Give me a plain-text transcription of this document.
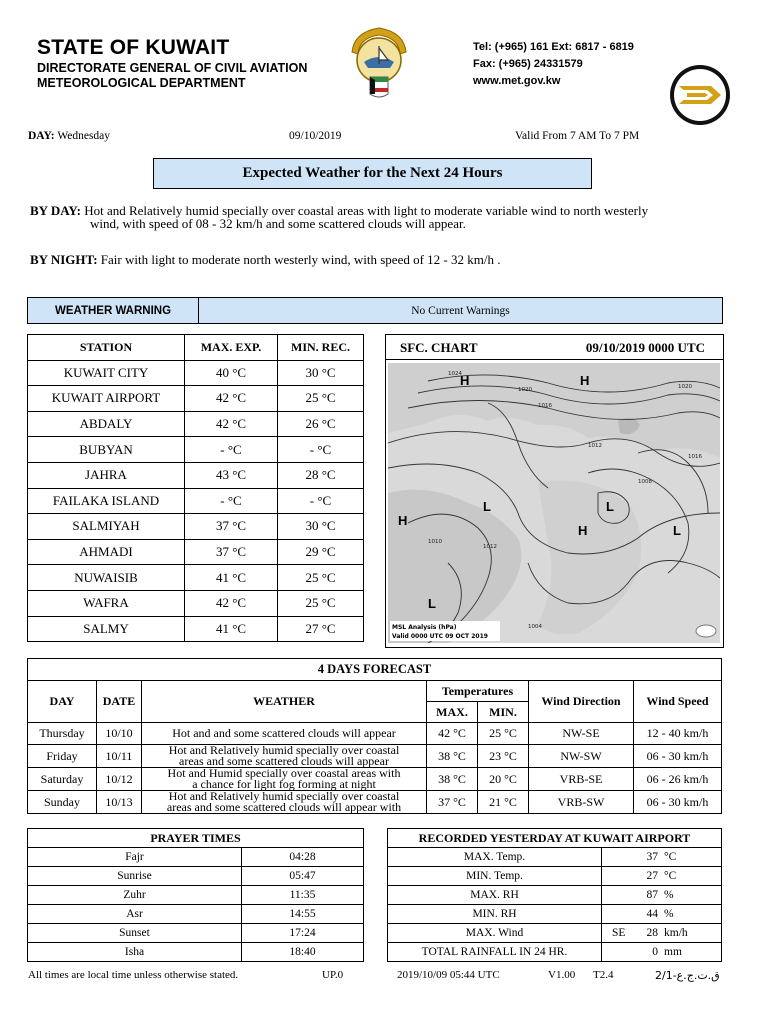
STATE OF KUWAIT
DIRECTORATE GENERAL OF CIVIL AVIATION
METEOROLOGICAL DEPARTMENT
Tel: (+965) 161 Ext: 6817 - 6819
Fax: (+965) 24331579
www.met.gov.kw
DAY: Wednesday	09/10/2019	Valid From 7 AM To 7 PM
Expected Weather for the Next 24 Hours
BY DAY: Hot and Relatively humid specially over coastal areas with light to moderate variable wind to north westerly
wind, with speed of 08 - 32 km/h and some scattered clouds will appear.
BY NIGHT: Fair with light to moderate north westerly wind, with speed of 12 - 32 km/h .
WEATHER WARNING	No Current Warnings
STATION	MAX. EXP.	MIN. REC.
KUWAIT CITY	40 °C	30 °C
KUWAIT AIRPORT	42 °C	25 °C
ABDALY	42 °C	26 °C
BUBYAN	- °C	- °C
JAHRA	43 °C	28 °C
FAILAKA ISLAND	- °C	- °C
SALMIYAH	37 °C	30 °C
AHMADI	37 °C	29 °C
NUWAISIB	41 °C	25 °C
WAFRA	42 °C	25 °C
SALMY	41 °C	27 °C
SFC. CHART	09/10/2019 0000 UTC
1024
1020
1016
1012
1008
1010
1012
1016
1020
1004
H	H
L	L
H
H	L
L
MSL Analysis (hPa)
Valid 0000 UTC 09 OCT 2019
4 DAYS FORECAST						
DAY	DATE	WEATHER	Temperatures		Wind Direction	Wind Speed
			MAX.	MIN.		
Thursday	10/10	Hot and and some scattered clouds will appear	42 °C	25 °C	NW-SE	12 - 40 km/h
Friday	10/11	Hot and Relatively humid specially over coastal
areas and some scattered clouds will appear	38 °C	23 °C	NW-SW	06 - 30 km/h
Saturday	10/12	Hot and Humid specially over coastal areas with
a chance for light fog forming at night	38 °C	20 °C	VRB-SE	06 - 26 km/h
Sunday	10/13	Hot and Relatively humid specially over coastal
areas and some scattered clouds will appear with	37 °C	21 °C	VRB-SW	06 - 30 km/h
PRAYER TIMES	
Fajr	04:28
Sunrise	05:47
Zuhr	11:35
Asr	14:55
Sunset	17:24
Isha	18:40
RECORDED YESTERDAY AT KUWAIT AIRPORT	
MAX. Temp.	37 °C
MIN. Temp.	27 °C
MAX. RH	87 %
MIN. RH	44 %
MAX. Wind	SE 28 km/h
TOTAL RAINFALL IN 24 HR.	0 mm
All times are local time unless otherwise stated.	UP.0	2019/10/09 05:44 UTC	V1.00 T2.4	ق.ت.ج.ع-2/1
